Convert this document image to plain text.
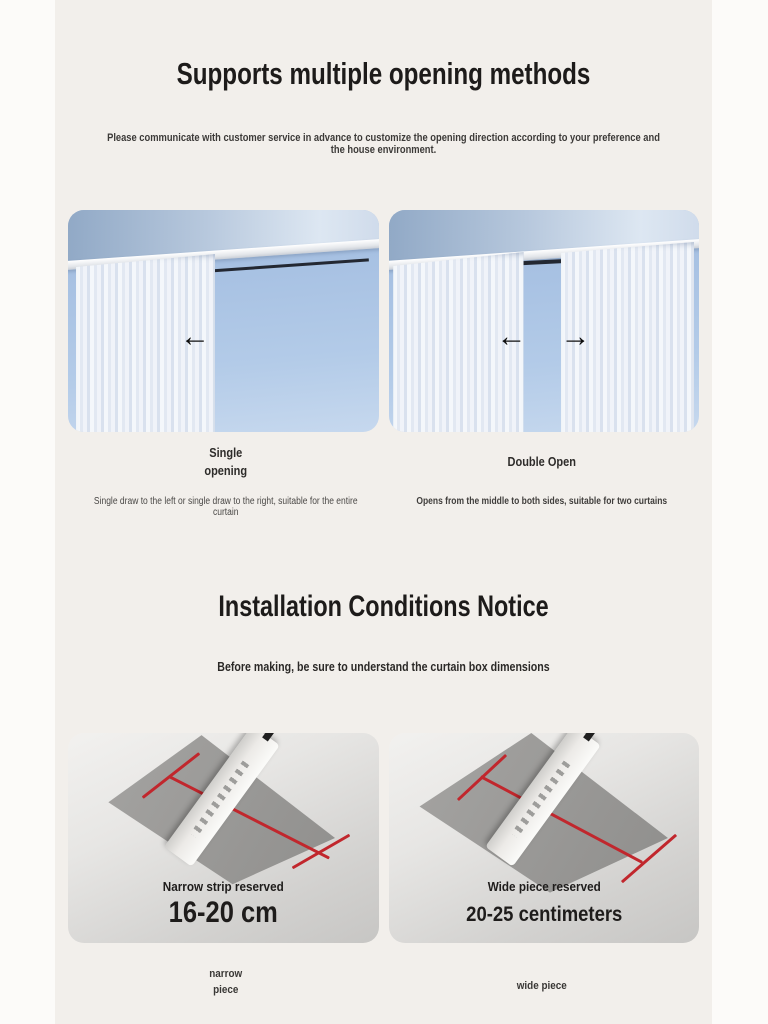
Supports multiple opening methods
Please communicate with customer service in advance to customize the opening direction according to your preference and the house environment.
←	← →
Single
opening
Double Open
Single draw to the left or single draw to the right, suitable for the entire curtain
Opens from the middle to both sides, suitable for two curtains
Installation Conditions Notice
Before making, be sure to understand the curtain box dimensions
Narrow strip reserved
16-20 cm
Wide piece reserved
20-25 centimeters
narrow
piece	wide piece
